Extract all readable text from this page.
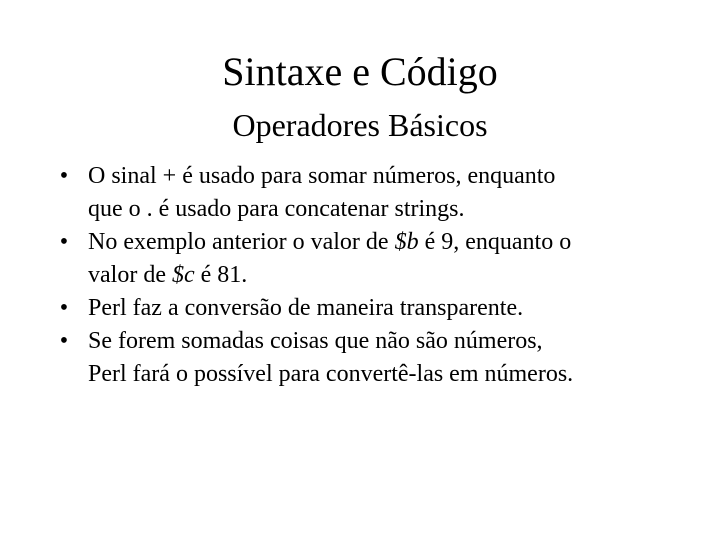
Sintaxe e Código
Operadores Básicos
• O sinal + é usado para somar números, enquanto
que o . é usado para concatenar strings.
• No exemplo anterior o valor de $b é 9, enquanto o
valor de $c é 81.
• Perl faz a conversão de maneira transparente.
• Se forem somadas coisas que não são números,
Perl fará o possível para convertê-las em números.
